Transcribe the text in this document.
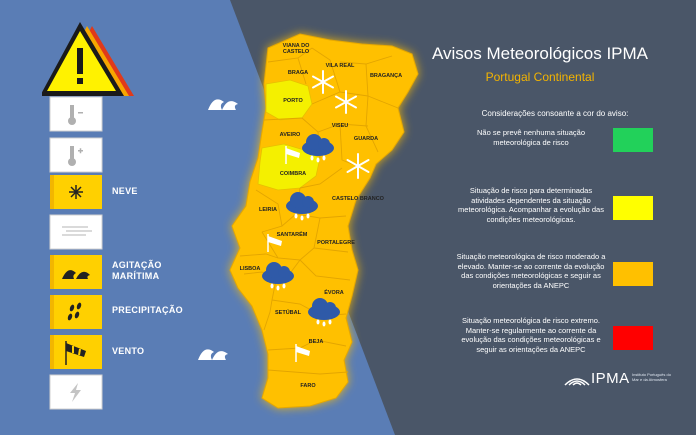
NEVE
AGITAÇÃO MARÍTIMA
PRECIPITAÇÃO
VENTO
VIANA DO CASTELO
BRAGA
VILA REAL
BRAGANÇA
PORTO
AVEIRO
VISEU
GUARDA
COIMBRA
CASTELO BRANCO
LEIRIA
SANTARÉM
PORTALEGRE
LISBOA
ÉVORA
SETÚBAL
BEJA
FARO
Avisos Meteorológicos IPMA
Portugal Continental
Considerações consoante a cor do aviso:
Não se prevê nenhuma situação meteorológica de risco
Situação de risco para determinadas atividades dependentes da situação meteorológica. Acompanhar a evolução das condições meteorológicas.
Situação meteorológica de risco moderado a elevado. Manter-se ao corrente da evolução das condições meteorológicas e seguir as orientações da ANEPC
Situação meteorológica de risco extremo. Manter-se regularmente ao corrente da evolução das condições meteorológicas e seguir as orientações da ANEPC
IPMA Instituto Português do Mar e da Atmosfera
